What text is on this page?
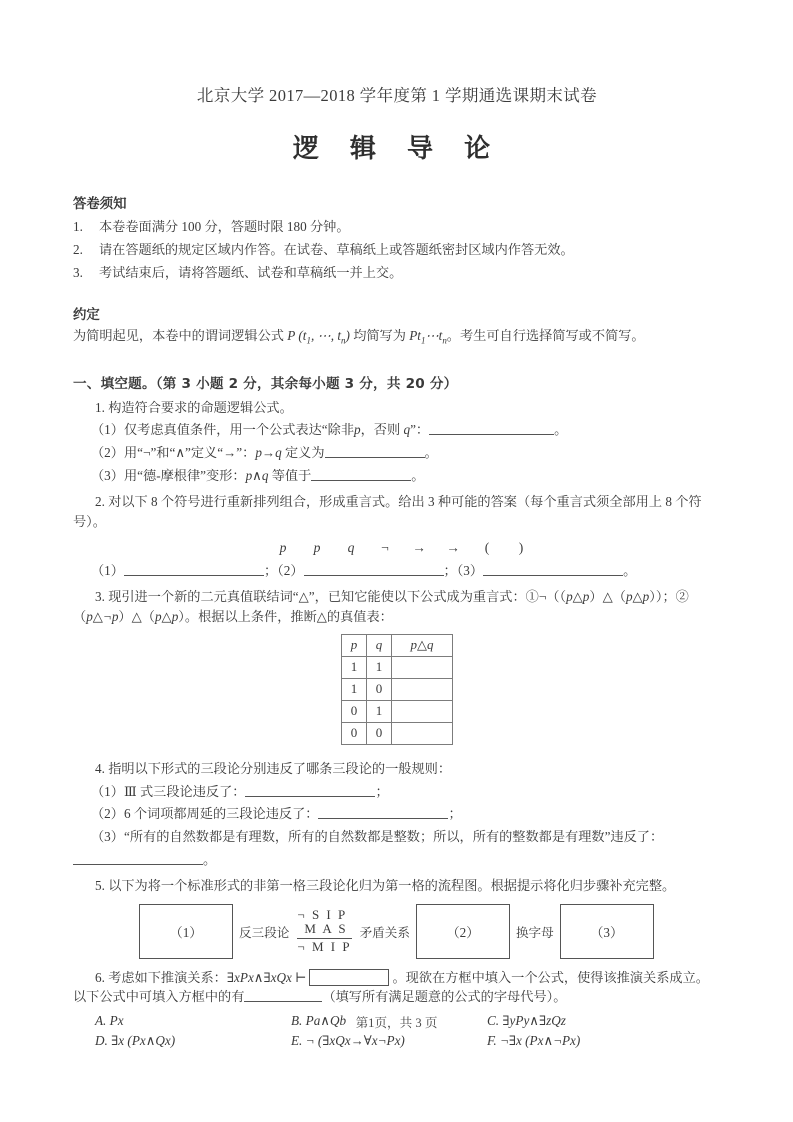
北京大学 2017—2018 学年度第 1 学期通选课期末试卷
逻 辑 导 论
答卷须知
1.	本卷卷面满分 100 分，答题时限 180 分钟。
2.	请在答题纸的规定区域内作答。在试卷、草稿纸上或答题纸密封区域内作答无效。
3.	考试结束后，请将答题纸、试卷和草稿纸一并上交。
约定
为简明起见，本卷中的谓词逻辑公式 P ($t_1$, ⋯, $t_n$) 均简写为 $Pt_1\cdots t_n$。考生可自行选择简写或不简写。
一、填空题。（第 3 小题 2 分，其余每小题 3 分，共 20 分）
1. 构造符合要求的命题逻辑公式。
（1）仅考虑真值条件，用一个公式表达“除非p，否则 q”：	。
（2）用“¬”和“∧”定义“→”：p→q 定义为	。
（3）用“德-摩根律”变形：p∧q 等值于	。
2. 对以下 8 个符号进行重新排列组合，形成重言式。给出 3 种可能的答案（每个重言式须全部用上 8 个符号）。
p p q ¬ → → ( )
（1）	；（2）	；（3）	。
3. 现引进一个新的二元真值联结词“△”，已知它能使以下公式成为重言式：①¬（（p△p）△（p△p））；②（p△¬p）△（p△p）。根据以上条件，推断△的真值表：
p	q	p△q
1	1	
1	0	
0	1	
0	0	
4. 指明以下形式的三段论分别违反了哪条三段论的一般规则：
（1）Ⅲ 式三段论违反了：	；
（2）6 个词项都周延的三段论违反了：	；
（3）“所有的自然数都是有理数，所有的自然数都是整数；所以，所有的整数都是有理数”违反了：
。
5. 以下为将一个标准形式的非第一格三段论化归为第一格的流程图。根据提示将化归步骤补充完整。
（1）	反三段论
¬ S I P
M A S
¬ M I P
矛盾关系	（2）	换字母	（3）
6. 考虑如下推演关系：∃xPx∧∃xQx ⊢	。现欲在方框中填入一个公式，使得该推演关系成立。以下公式中可填入方框中的有	（填写所有满足题意的公式的字母代号）。
A. Px	B. Pa∧Qb	C. ∃yPy∧∃zQz
D. ∃x (Px∧Qx)	E. ¬ (∃xQx→∀x¬Px)	F. ¬∃x (Px∧¬Px)
第1页，共 3 页
